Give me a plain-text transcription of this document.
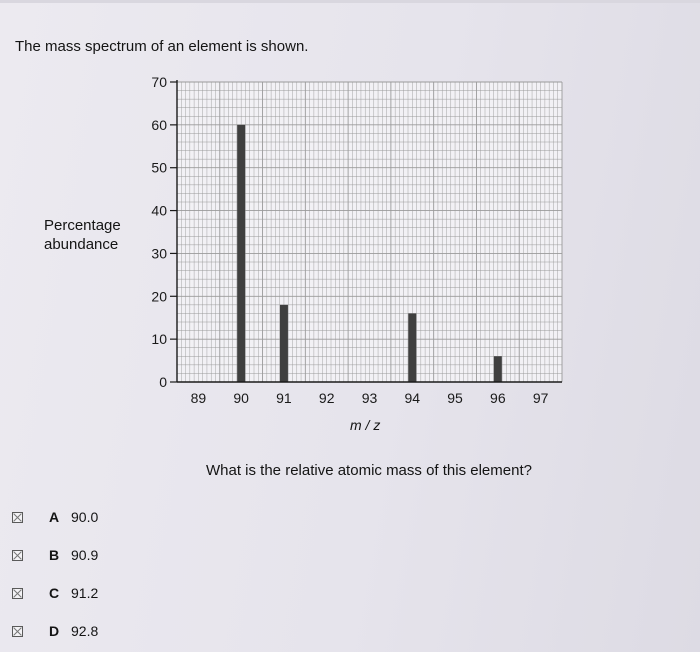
The mass spectrum of an element is shown.

Percentage
abundance
0
10
20
30
40
50
60
70
89 90 91 92 93 94 95 96 97
m / z

What is the relative atomic mass of this element?

A 90.0
B 90.9
C 91.2
D 92.8
